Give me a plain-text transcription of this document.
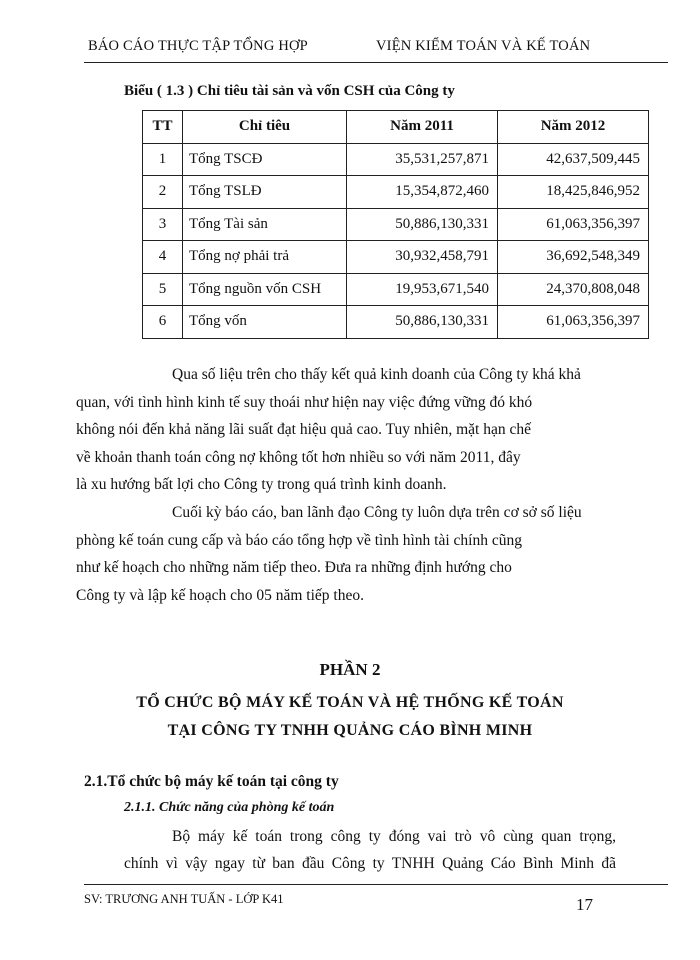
BÁO CÁO THỰC TẬP TỔNG HỢP	VIỆN KIỂM TOÁN VÀ KẾ TOÁN
Biểu ( 1.3 ) Chỉ tiêu tài sản và vốn CSH của Công ty
TT	Chỉ tiêu	Năm 2011	Năm 2012
1	Tổng TSCĐ	35,531,257,871	42,637,509,445
2	Tổng TSLĐ	15,354,872,460	18,425,846,952
3	Tổng Tài sản	50,886,130,331	61,063,356,397
4	Tổng nợ phải trả	30,932,458,791	36,692,548,349
5	Tổng nguồn vốn CSH	19,953,671,540	24,370,808,048
6	Tổng vốn	50,886,130,331	61,063,356,397

Qua số liệu trên cho thấy kết quả kinh doanh của Công ty khá khả
quan, với tình hình kinh tế suy thoái như hiện nay việc đứng vững đó khó
không nói đến khả năng lãi suất đạt hiệu quả cao. Tuy nhiên, mặt hạn chế
về khoản thanh toán công nợ không tốt hơn nhiều so với năm 2011, đây
là xu hướng bất lợi cho Công ty trong quá trình kinh doanh.

Cuối kỳ báo cáo, ban lãnh đạo Công ty luôn dựa trên cơ sở số liệu
phòng kế toán cung cấp và báo cáo tổng hợp về tình hình tài chính cũng
như kế hoạch cho những năm tiếp theo. Đưa ra những định hướng cho
Công ty và lập kế hoạch cho 05 năm tiếp theo.

PHẦN 2
TỔ CHỨC BỘ MÁY KẾ TOÁN VÀ HỆ THỐNG KẾ TOÁN
TẠI CÔNG TY TNHH QUẢNG CÁO BÌNH MINH
2.1.Tổ chức bộ máy kế toán tại công ty
2.1.1. Chức năng của phòng kế toán
Bộ máy kế toán trong công ty đóng vai trò vô cùng quan trọng,
chính vì vậy ngay từ ban đầu Công ty TNHH Quảng Cáo Bình Minh đã
SV: TRƯƠNG ANH TUẤN - LỚP K41	17
